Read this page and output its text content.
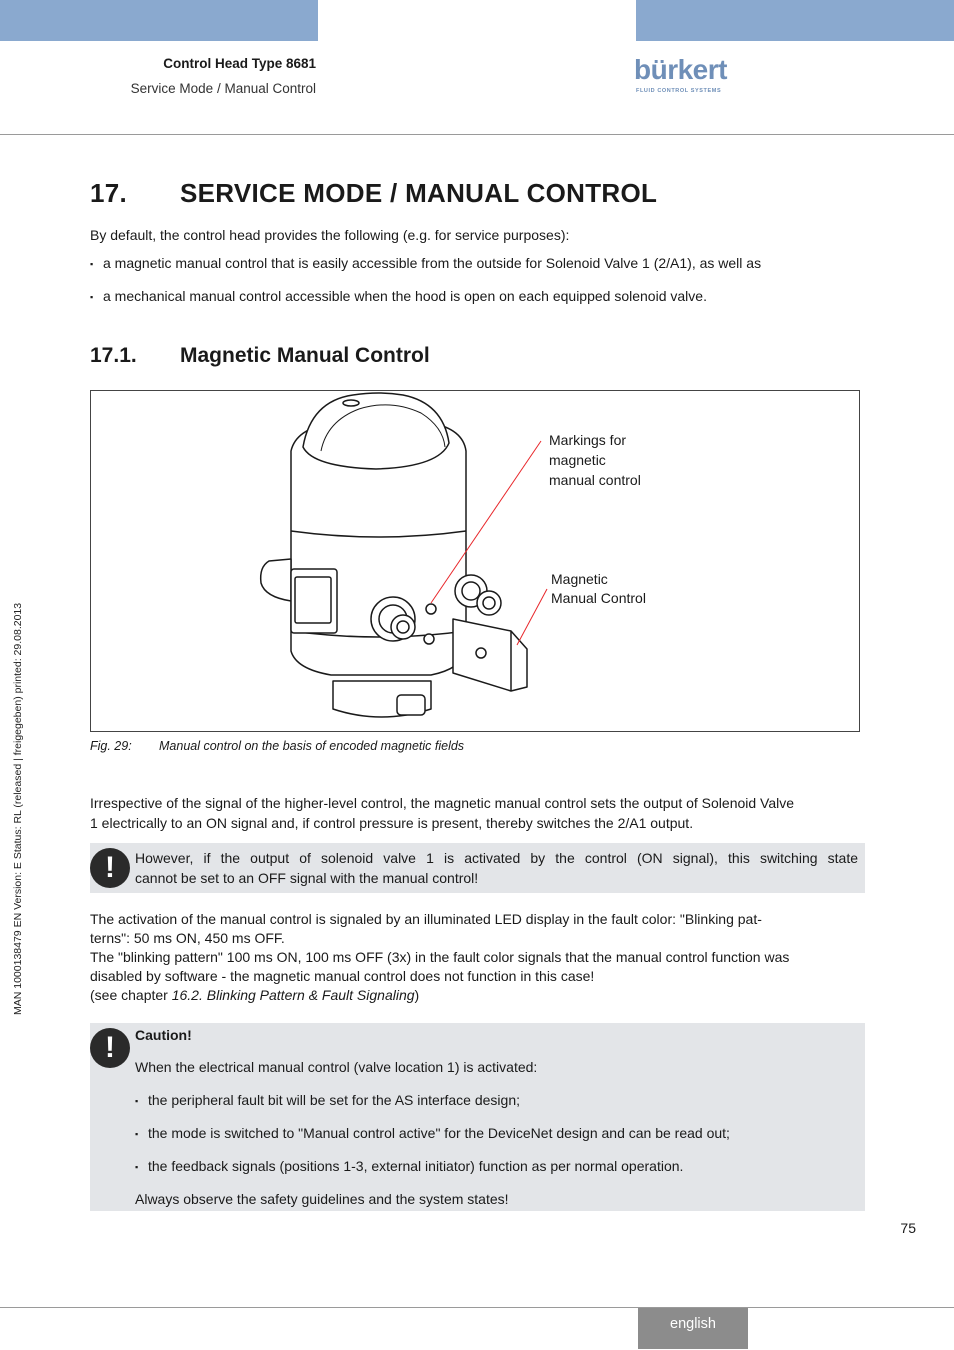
Control Head Type 8681
Service Mode / Manual Control
bürkert
FLUID CONTROL SYSTEMS
MAN 1000138479 EN Version: E Status: RL (released | freigegeben) printed: 29.08.2013
17. SERVICE MODE / MANUAL CONTROL
By default, the control head provides the following (e.g. for service purposes):
▪ a magnetic manual control that is easily accessible from the outside for Solenoid Valve 1 (2/A1), as well as
▪ a mechanical manual control accessible when the hood is open on each equipped solenoid valve.
17.1. Magnetic Manual Control
Markings for
magnetic
manual control
Magnetic
Manual Control
Fig. 29: Manual control on the basis of encoded magnetic fields
Irrespective of the signal of the higher-level control, the magnetic manual control sets the output of Solenoid Valve
1 electrically to an ON signal and, if control pressure is present, thereby switches the 2/A1 output.
!	However, if the output of solenoid valve 1 is activated by the control (ON signal), this switching state
cannot be set to an OFF signal with the manual control!
The activation of the manual control is signaled by an illuminated LED display in the fault color: "Blinking pat-
terns": 50 ms ON, 450 ms OFF.
The "blinking pattern" 100 ms ON, 100 ms OFF (3x) in the fault color signals that the manual control function was
disabled by software - the magnetic manual control does not function in this case!
(see chapter 16.2. Blinking Pattern & Fault Signaling)
!	Caution!
When the electrical manual control (valve location 1) is activated:
▪ the peripheral fault bit will be set for the AS interface design;
▪ the mode is switched to "Manual control active" for the DeviceNet design and can be read out;
▪ the feedback signals (positions 1-3, external initiator) function as per normal operation.
Always observe the safety guidelines and the system states!
75
english
